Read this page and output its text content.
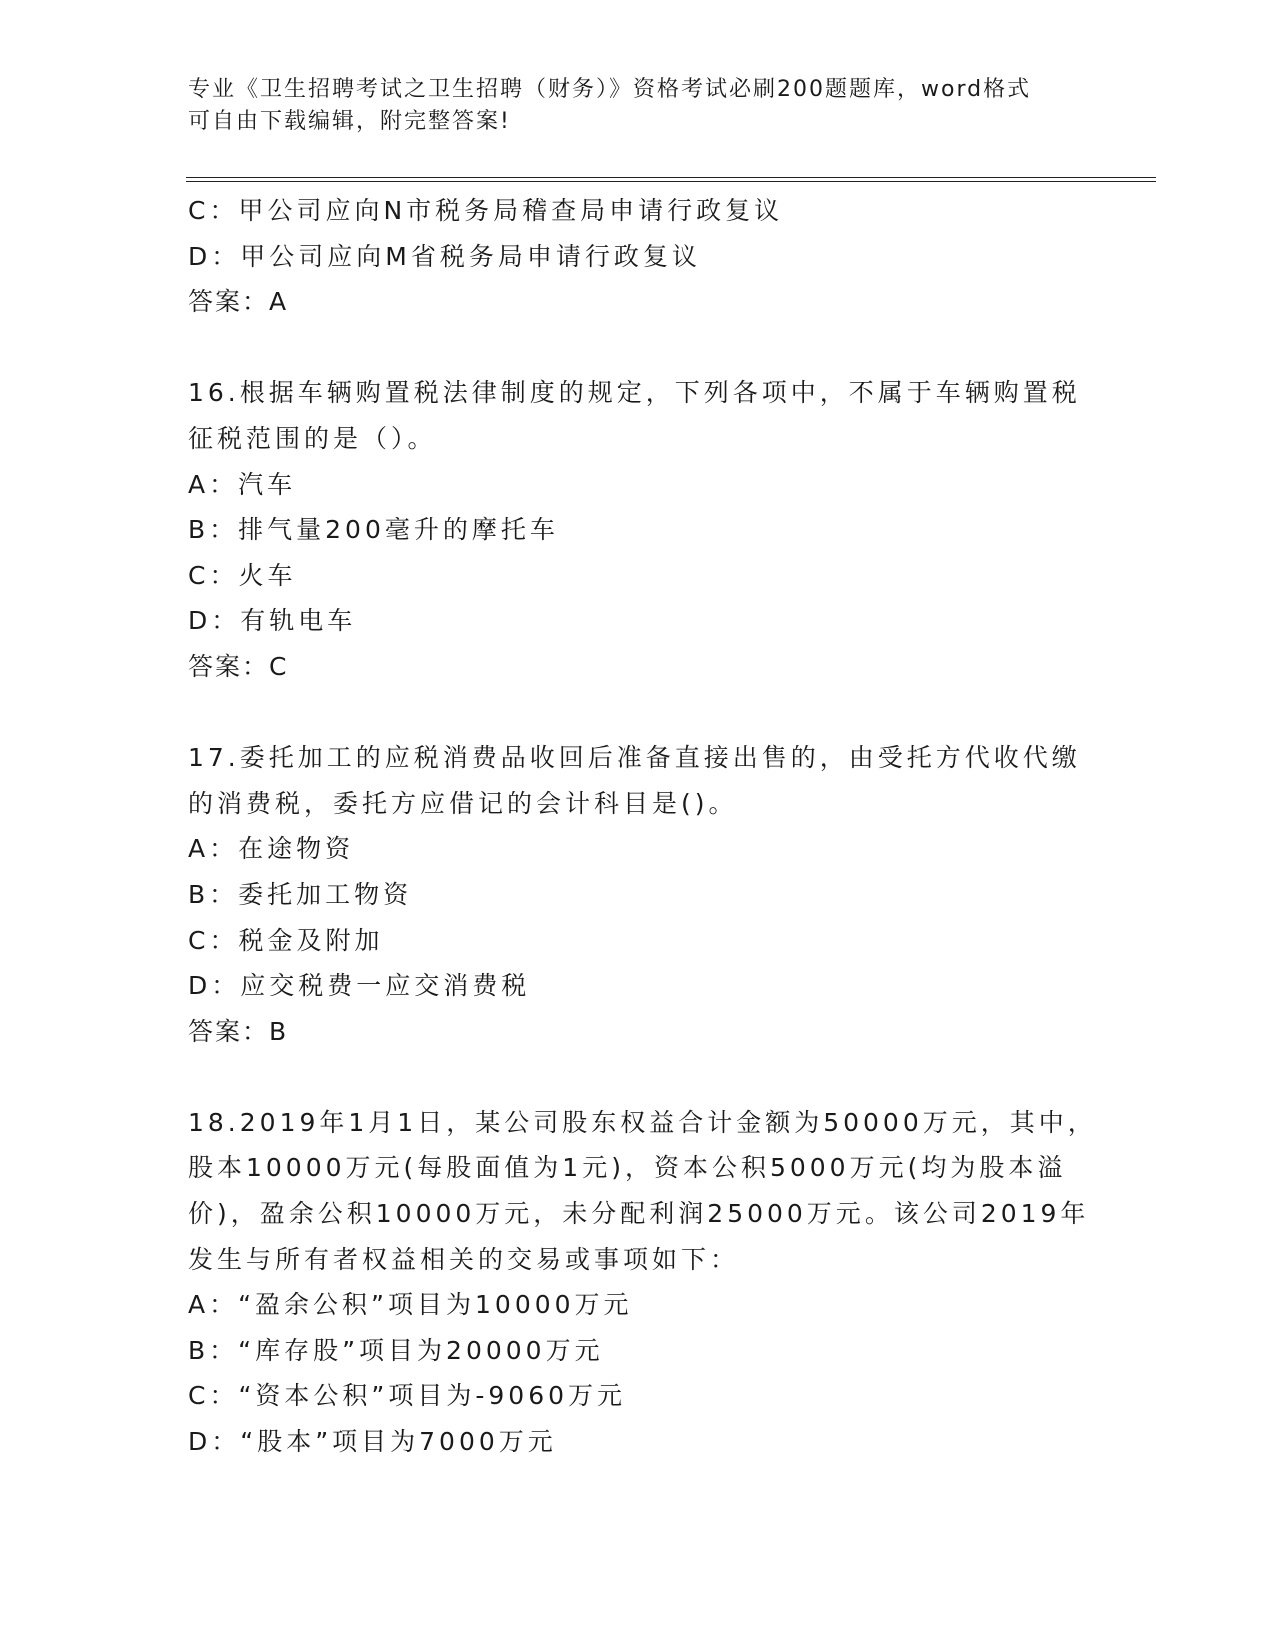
专业《卫生招聘考试之卫生招聘（财务）》资格考试必刷200题题库，word格式
可自由下载编辑，附完整答案!
C：甲公司应向N市税务局稽查局申请行政复议
D：甲公司应向M省税务局申请行政复议
答案：A
16.根据车辆购置税法律制度的规定，下列各项中，不属于车辆购置税
征税范围的是（）。
A：汽车
B：排气量200毫升的摩托车
C：火车
D：有轨电车
答案：C
17.委托加工的应税消费品收回后准备直接出售的，由受托方代收代缴
的消费税，委托方应借记的会计科目是()。
A：在途物资
B：委托加工物资
C：税金及附加
D：应交税费一应交消费税
答案：B
18.2019年1月1日，某公司股东权益合计金额为50000万元，其中，
股本10000万元(每股面值为1元)，资本公积5000万元(均为股本溢
价)，盈余公积10000万元，未分配利润25000万元。该公司2019年
发生与所有者权益相关的交易或事项如下：
A：“盈余公积”项目为10000万元
B：“库存股”项目为20000万元
C：“资本公积”项目为-9060万元
D：“股本”项目为7000万元
